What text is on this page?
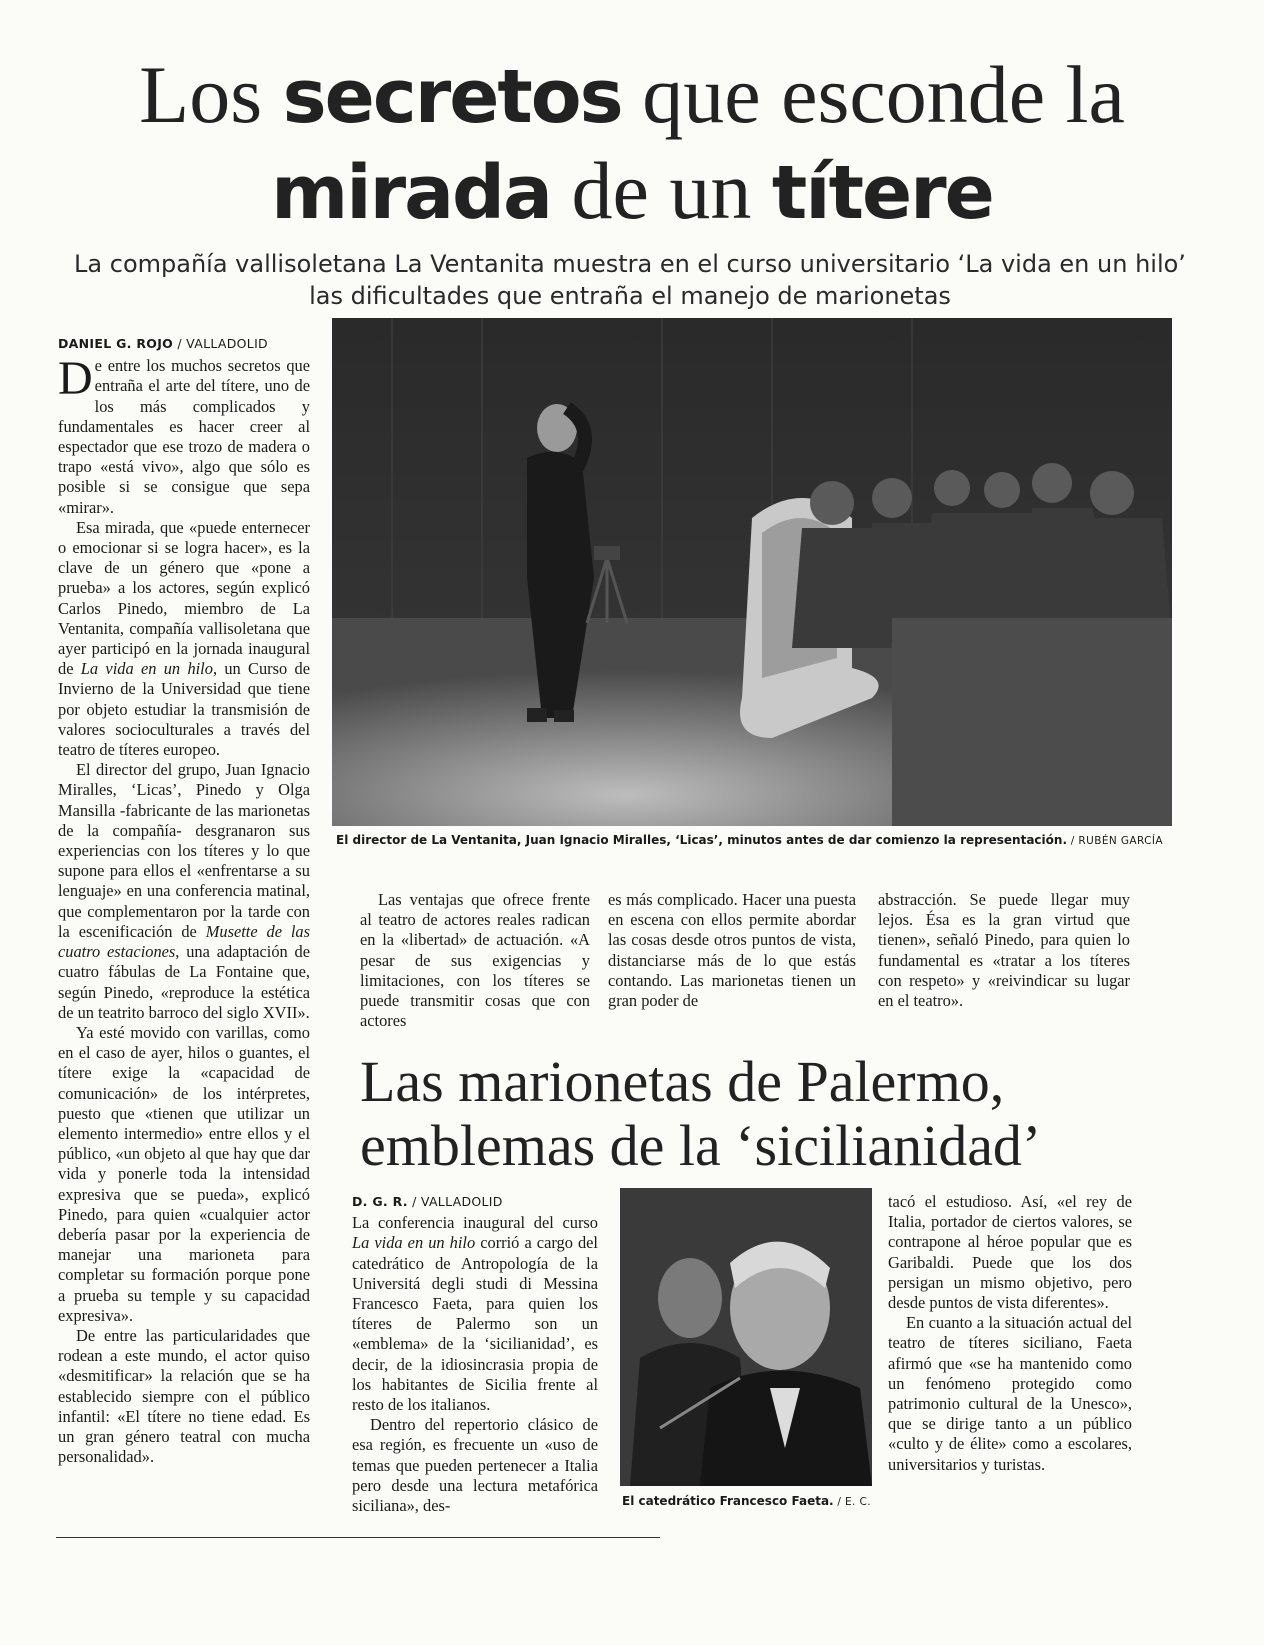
Los secretos que esconde la
mirada de un títere
La compañía vallisoletana La Ventanita muestra en el curso universitario ‘La vida en un hilo’ las dificultades que entraña el manejo de marionetas
DANIEL G. ROJO / VALLADOLID

De entre los muchos secretos que entraña el arte del títere, uno de los más complicados y fundamentales es hacer creer al espectador que ese trozo de madera o trapo «está vivo», algo que sólo es posible si se consigue que sepa «mirar».

Esa mirada, que «puede enternecer o emocionar si se logra hacer», es la clave de un género que «pone a prueba» a los actores, según explicó Carlos Pinedo, miembro de La Ventanita, compañía vallisoletana que ayer participó en la jornada inaugural de La vida en un hilo, un Curso de Invierno de la Universidad que tiene por objeto estudiar la transmisión de valores socioculturales a través del teatro de títeres europeo.

El director del grupo, Juan Ignacio Miralles, ‘Licas’, Pinedo y Olga Mansilla -fabricante de las marionetas de la compañía- desgranaron sus experiencias con los títeres y lo que supone para ellos el «enfrentarse a su lenguaje» en una conferencia matinal, que complementaron por la tarde con la escenificación de Musette de las cuatro estaciones, una adaptación de cuatro fábulas de La Fontaine que, según Pinedo, «reproduce la estética de un teatrito barroco del siglo XVII».

Ya esté movido con varillas, como en el caso de ayer, hilos o guantes, el títere exige la «capacidad de comunicación» de los intérpretes, puesto que «tienen que utilizar un elemento intermedio» entre ellos y el público, «un objeto al que hay que dar vida y ponerle toda la intensidad expresiva que se pueda», explicó Pinedo, para quien «cualquier actor debería pasar por la experiencia de manejar una marioneta para completar su formación porque pone a prueba su temple y su capacidad expresiva».

De entre las particularidades que rodean a este mundo, el actor quiso «desmitificar» la relación que se ha establecido siempre con el público infantil: «El títere no tiene edad. Es un gran género teatral con mucha personalidad».

El director de La Ventanita, Juan Ignacio Miralles, ‘Licas’, minutos antes de dar comienzo la representación. / RUBÉN GARCÍA

Las ventajas que ofrece frente al teatro de actores reales radican en la «libertad» de actuación. «A pesar de sus exigencias y limitaciones, con los títeres se puede transmitir cosas que con actores

es más complicado. Hacer una puesta en escena con ellos permite abordar las cosas desde otros puntos de vista, distanciarse más de lo que estás contando. Las marionetas tienen un gran poder de

abstracción. Se puede llegar muy lejos. Ésa es la gran virtud que tienen», señaló Pinedo, para quien lo fundamental es «tratar a los títeres con respeto» y «reivindicar su lugar en el teatro».

Las marionetas de Palermo, emblemas de la ‘sicilianidad’
D. G. R. / VALLADOLID

La conferencia inaugural del curso La vida en un hilo corrió a cargo del catedrático de Antropología de la Universitá degli studi di Messina Francesco Faeta, para quien los títeres de Palermo son un «emblema» de la ‘sicilianidad’, es decir, de la idiosincrasia propia de los habitantes de Sicilia frente al resto de los italianos.

Dentro del repertorio clásico de esa región, es frecuente un «uso de temas que pueden pertenecer a Italia pero desde una lectura metafórica siciliana», des-	El catedrático Francesco Faeta. / E. C.

tacó el estudioso. Así, «el rey de Italia, portador de ciertos valores, se contrapone al héroe popular que es Garibaldi. Puede que los dos persigan un mismo objetivo, pero desde puntos de vista diferentes».

En cuanto a la situación actual del teatro de títeres siciliano, Faeta afirmó que «se ha mantenido como un fenómeno protegido como patrimonio cultural de la Unesco», que se dirige tanto a un público «culto y de élite» como a escolares, universitarios y turistas.
